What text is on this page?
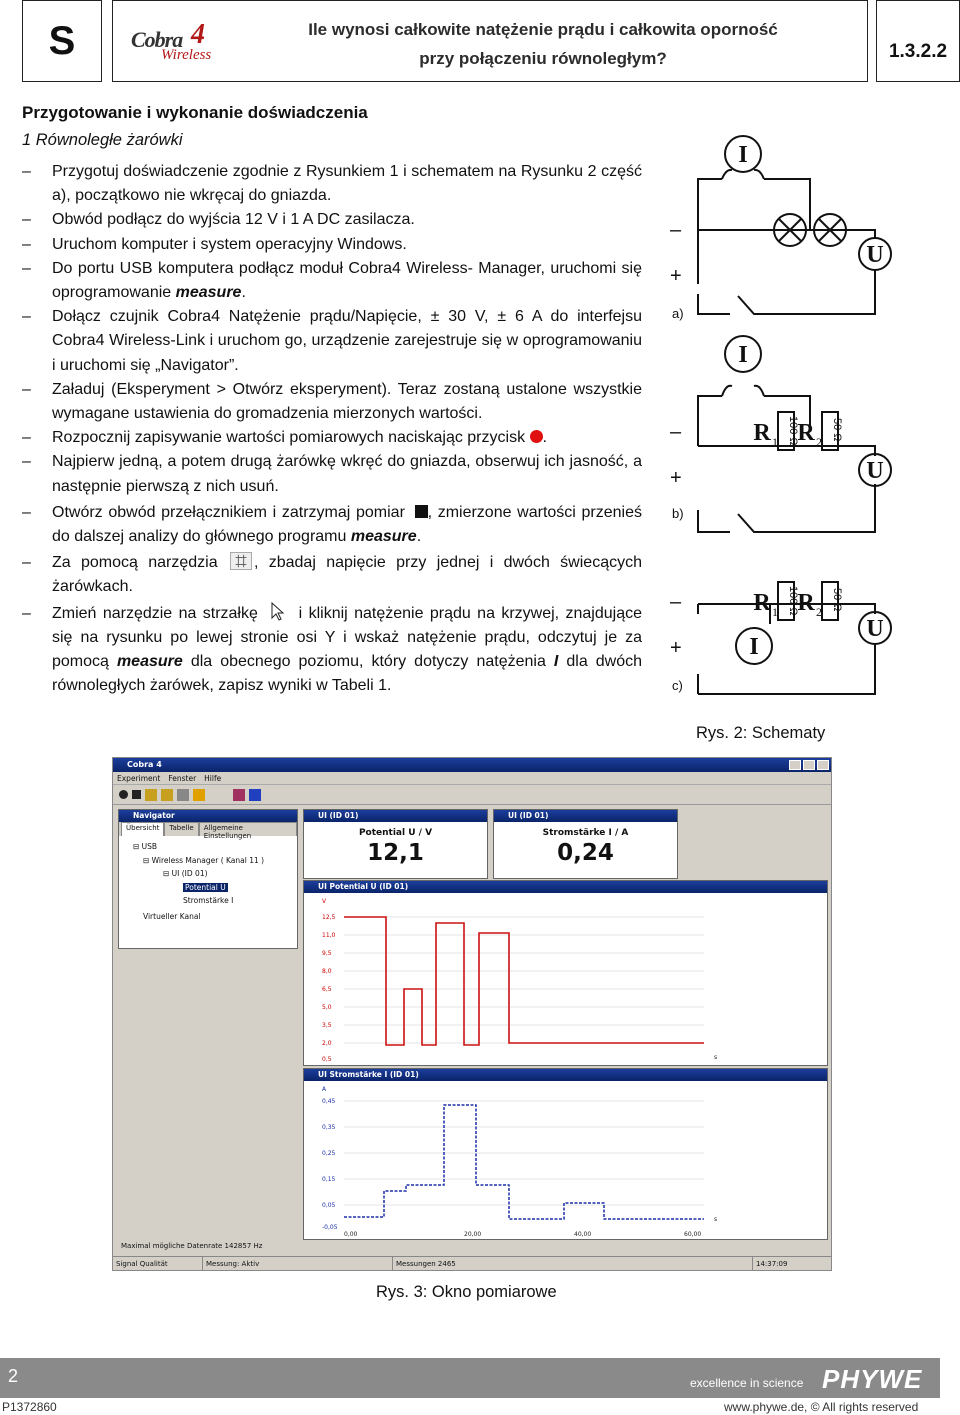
S	Cobra 4
Wireless
Ile wynosi całkowite natężenie prądu i całkowita oporność
przy połączeniu równoległym?	1.3.2.2
Przygotowanie i wykonanie doświadczenia
1 Równoległe żarówki
– Przygotuj doświadczenie zgodnie z Rysunkiem 1 i schematem na Rysunku 2 część a), początkowo nie wkręcaj do gniazda.
– Obwód podłącz do wyjścia 12 V i 1 A DC zasilacza.
– Uruchom komputer i system operacyjny Windows.
– Do portu USB komputera podłącz moduł Cobra4 Wireless- Manager, uruchomi się oprogramowanie measure.
– Dołącz czujnik Cobra4 Natężenie prądu/Napięcie, ± 30 V, ± 6 A do interfejsu Cobra4 Wireless-Link i uruchom go, urządzenie zarejestruje się w oprogramowaniu i uruchomi się „Navigator”.
– Załaduj (Eksperyment > Otwórz eksperyment). Teraz zostaną ustalone wszystkie wymagane ustawienia do gromadzenia mierzonych wartości.
– Rozpocznij zapisywanie wartości pomiarowych naciskając przycisk .
– Najpierw jedną, a potem drugą żarówkę wkręć do gniazda, obserwuj ich jasność, a następnie pierwszą z nich usuń.
– Otwórz obwód przełącznikiem i zatrzymaj pomiar , zmierzone wartości przenieś do dalszej analizy do głównego programu measure.
– Za pomocą narzędzia , zbadaj napięcie przy jednej i dwóch świecących żarówkach.
– Zmień narzędzie na strzałkę  i kliknij natężenie prądu na krzywej, znajdujące się na rysunku po lewej stronie osi Y i wskaż natężenie prądu, odczytuj je za pomocą measure dla obecnego poziomu, który dotyczy natężenia I dla dwóch równoległych żarówek, zapisz wyniki w Tabeli 1.
I
U
I
U
I
U
R R
R R
1	2
1	2
100 Ω	50 Ω
100 Ω	50 Ω
–
+
–
+
–
+
a)
b)
c)
Rys. 2: Schematy
Cobra 4
Experiment Fenster Hilfe
Navigator
Übersicht	Tabelle	Allgemeine Einstellungen
⊟ USB
⊟ Wireless Manager ( Kanal 11 )
⊟ UI (ID 01)
Potential U
Stromstärke I
Virtueller Kanal
UI (ID 01)
Potential U / V
12,1
UI (ID 01)
Stromstärke I / A
0,24
UI Potential U (ID 01)
V
12,5
11,0
9,5
8,0
6,5
5,0
3,5
2,0
0,5	s
UI Stromstärke I (ID 01)
A
0,45
0,35
0,25
0,15
0,05
-0,05
0,00	20,00	40,00	60,00
s
Maximal mögliche Datenrate 142857 Hz
Signal Qualität	Messung: Aktiv	Messungen 2465	14:37:09
Rys. 3: Okno pomiarowe
2	excellence in science PHYWE
P1372860	www.phywe.de, © All rights reserved
